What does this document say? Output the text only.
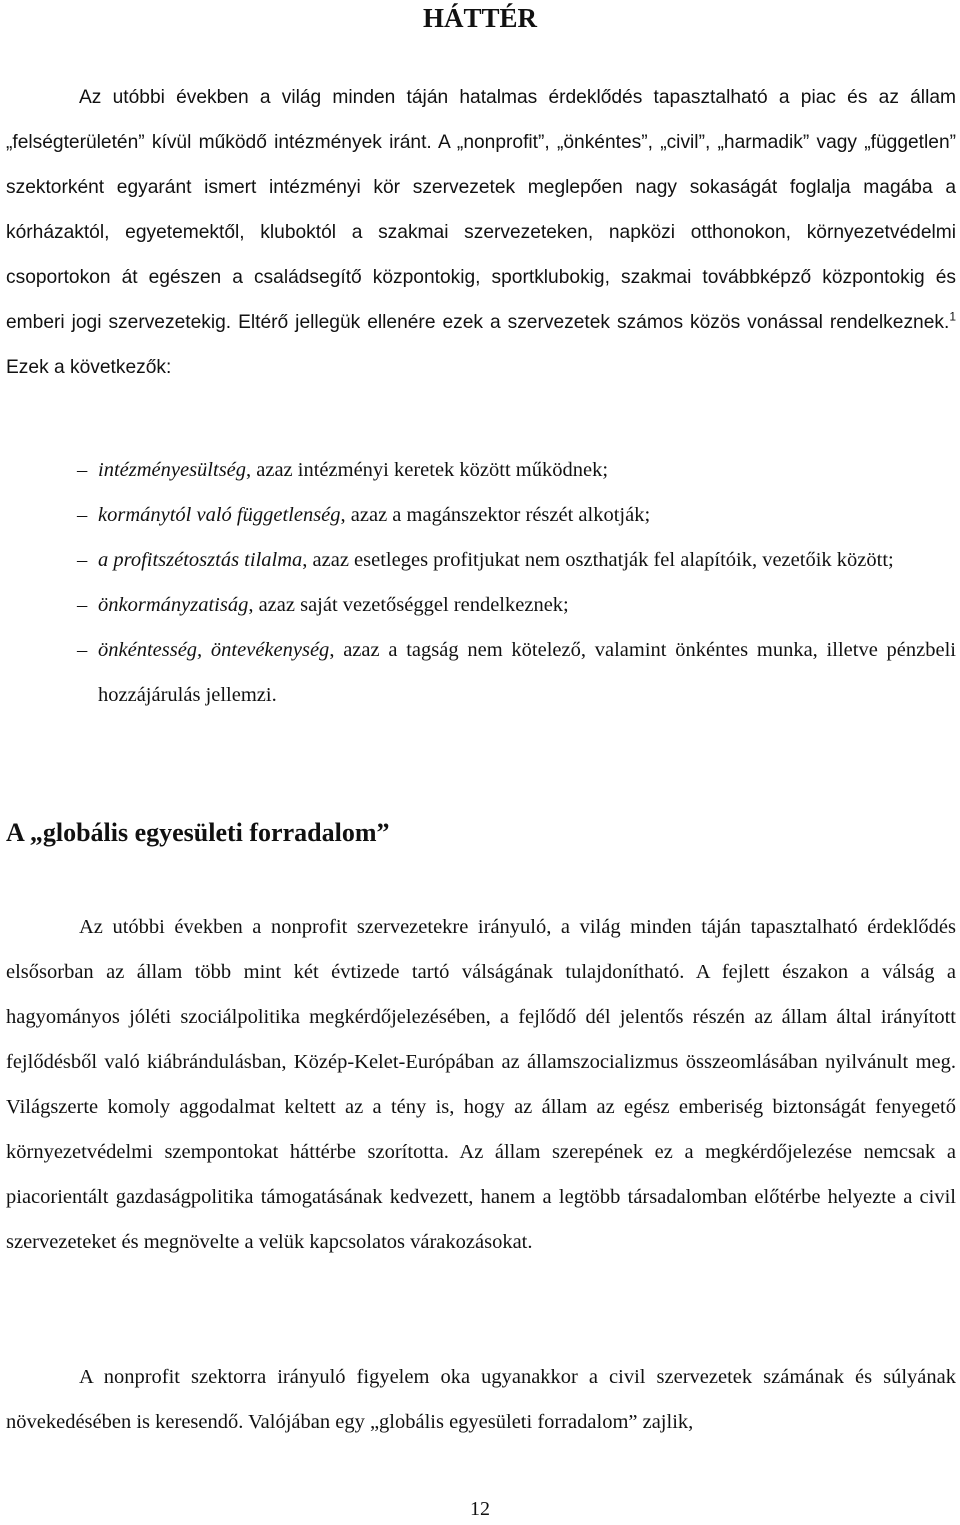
HÁTTÉR

Az utóbbi években a világ minden táján hatalmas érdeklődés tapasztalható a piac és az állam „felségterületén” kívül működő intézmények iránt. A „nonprofit”, „önkéntes”, „civil”, „harmadik” vagy „független” szektorként egyaránt ismert intézményi kör szervezetek meglepően nagy sokaságát foglalja magába a kórházaktól, egyetemektől, kluboktól a szakmai szervezeteken, napközi otthonokon, környezetvédelmi csoportokon át egészen a családsegítő központokig, sportklubokig, szakmai továbbképző központokig és emberi jogi szervezetekig. Eltérő jellegük ellenére ezek a szervezetek számos közös vonással rendelkeznek.$^1$ Ezek a következők:

– intézményesültség, azaz intézményi keretek között működnek;
– kormánytól való függetlenség, azaz a magánszektor részét alkotják;
– a profitszétosztás tilalma, azaz esetleges profitjukat nem oszthatják fel alapítóik, vezetőik között;
– önkormányzatiság, azaz saját vezetőséggel rendelkeznek;
– önkéntesség, öntevékenység, azaz a tagság nem kötelező, valamint önkéntes munka, illetve pénzbeli hozzájárulás jellemzi.
A „globális egyesületi forradalom”

Az utóbbi években a nonprofit szervezetekre irányuló, a világ minden táján tapasztalható érdeklődés elsősorban az állam több mint két évtizede tartó válságának tulajdonítható. A fejlett északon a válság a hagyományos jóléti szociálpolitika megkérdőjelezésében, a fejlődő dél jelentős részén az állam által irányított fejlődésből való kiábrándulásban, Közép-Kelet-Európában az államszocializmus összeomlásában nyilvánult meg. Világszerte komoly aggodalmat keltett az a tény is, hogy az állam az egész emberiség biztonságát fenyegető környezetvédelmi szempontokat háttérbe szorította. Az állam szerepének ez a megkérdőjelezése nemcsak a piacorientált gazdaságpolitika támogatásának kedvezett, hanem a legtöbb társadalomban előtérbe helyezte a civil szervezeteket és megnövelte a velük kapcsolatos várakozásokat.

A nonprofit szektorra irányuló figyelem oka ugyanakkor a civil szervezetek számának és súlyának növekedésében is keresendő. Valójában egy „globális egyesületi forradalom” zajlik,

12
